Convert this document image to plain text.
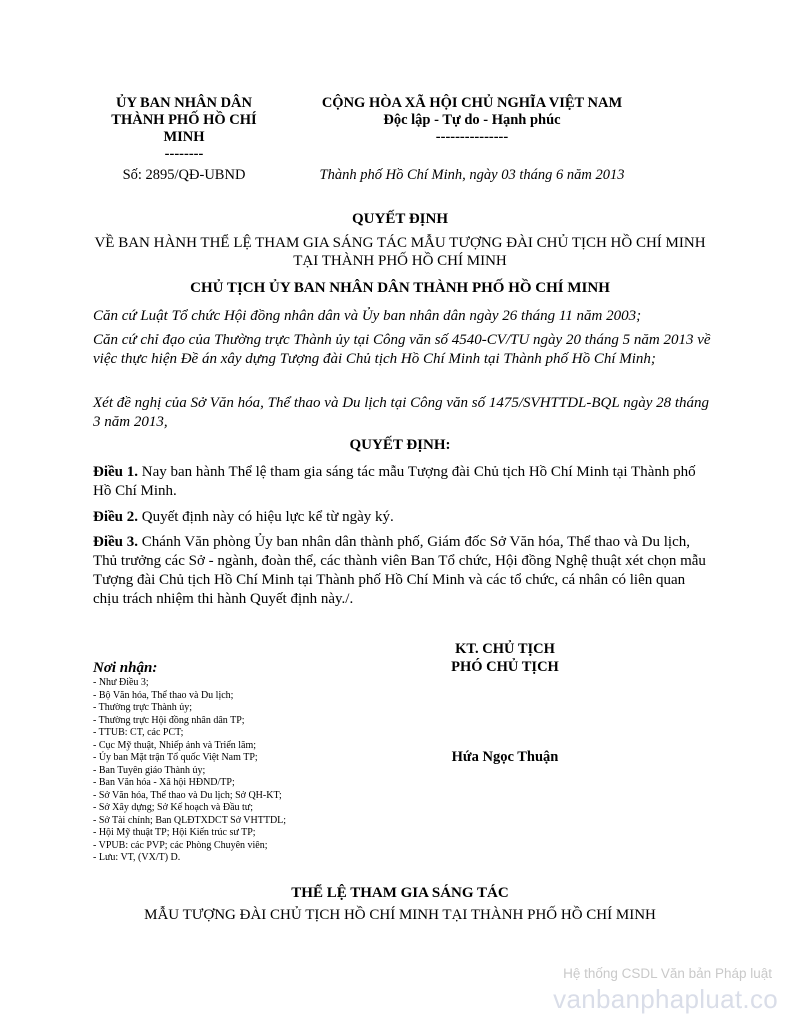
ỦY BAN NHÂN DÂN
THÀNH PHỐ HỒ CHÍ
MINH
--------
CỘNG HÒA XÃ HỘI CHỦ NGHĨA VIỆT NAM
Độc lập - Tự do - Hạnh phúc
---------------
Số: 2895/QĐ-UBND	Thành phố Hồ Chí Minh, ngày 03 tháng 6 năm 2013
QUYẾT ĐỊNH
VỀ BAN HÀNH THỂ LỆ THAM GIA SÁNG TÁC MẪU TƯỢNG ĐÀI CHỦ TỊCH HỒ CHÍ MINH TẠI THÀNH PHỐ HỒ CHÍ MINH
CHỦ TỊCH ỦY BAN NHÂN DÂN THÀNH PHỐ HỒ CHÍ MINH
Căn cứ Luật Tổ chức Hội đồng nhân dân và Ủy ban nhân dân ngày 26 tháng 11 năm 2003;
Căn cứ chỉ đạo của Thường trực Thành ủy tại Công văn số 4540-CV/TU ngày 20 tháng 5 năm 2013 về việc thực hiện Đề án xây dựng Tượng đài Chủ tịch Hồ Chí Minh tại Thành phố Hồ Chí Minh;
Xét đề nghị của Sở Văn hóa, Thể thao và Du lịch tại Công văn số 1475/SVHTTDL-BQL ngày 28 tháng 3 năm 2013,
QUYẾT ĐỊNH:
Điều 1. Nay ban hành Thể lệ tham gia sáng tác mẫu Tượng đài Chủ tịch Hồ Chí Minh tại Thành phố Hồ Chí Minh.
Điều 2. Quyết định này có hiệu lực kể từ ngày ký.
Điều 3. Chánh Văn phòng Ủy ban nhân dân thành phố, Giám đốc Sở Văn hóa, Thể thao và Du lịch, Thủ trưởng các Sở - ngành, đoàn thể, các thành viên Ban Tổ chức, Hội đồng Nghệ thuật xét chọn mẫu Tượng đài Chủ tịch Hồ Chí Minh tại Thành phố Hồ Chí Minh và các tổ chức, cá nhân có liên quan chịu trách nhiệm thi hành Quyết định này./.
KT. CHỦ TỊCH
PHÓ CHỦ TỊCH
Hứa Ngọc Thuận
Nơi nhận:
- Như Điều 3;
- Bộ Văn hóa, Thể thao và Du lịch;
- Thường trực Thành ủy;
- Thường trực Hội đồng nhân dân TP;
- TTUB: CT, các PCT;
- Cục Mỹ thuật, Nhiếp ảnh và Triển lãm;
- Ủy ban Mặt trận Tổ quốc Việt Nam TP;
- Ban Tuyên giáo Thành ủy;
- Ban Văn hóa - Xã hội HĐND/TP;
- Sở Văn hóa, Thể thao và Du lịch; Sở QH-KT;
- Sở Xây dựng; Sở Kế hoạch và Đầu tư;
- Sở Tài chính; Ban QLĐTXDCT Sở VHTTDL;
- Hội Mỹ thuật TP; Hội Kiến trúc sư TP;
- VPUB: các PVP; các Phòng Chuyên viên;
- Lưu: VT, (VX/T) D.
THỂ LỆ THAM GIA SÁNG TÁC
MẪU TƯỢNG ĐÀI CHỦ TỊCH HỒ CHÍ MINH TẠI THÀNH PHỐ HỒ CHÍ MINH
Hệ thống CSDL Văn bản Pháp luật
vanbanphapluat.co
